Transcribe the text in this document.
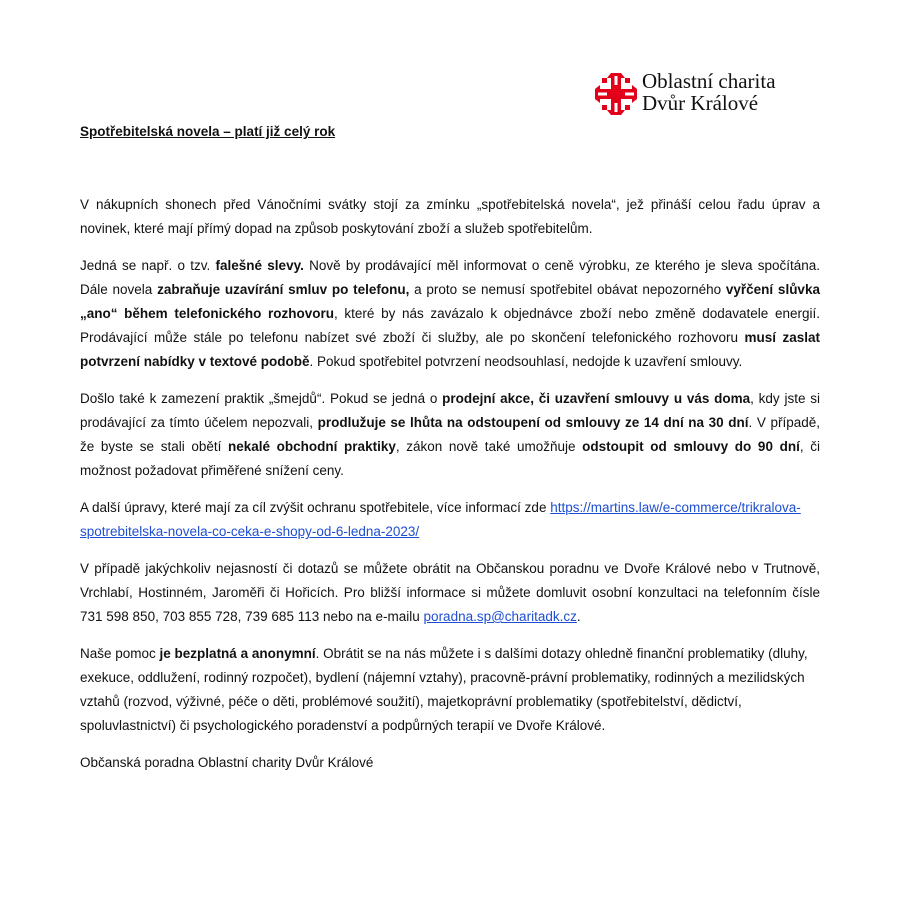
Oblastní charita
Dvůr Králové
Spotřebitelská novela – platí již celý rok

V nákupních shonech před Vánočními svátky stojí za zmínku „spotřebitelská novela“, jež přináší celou řadu úprav a novinek, které mají přímý dopad na způsob poskytování zboží a služeb spotřebitelům.

Jedná se např. o tzv. falešné slevy. Nově by prodávající měl informovat o ceně výrobku, ze kterého je sleva spočítána. Dále novela zabraňuje uzavírání smluv po telefonu, a proto se nemusí spotřebitel obávat nepozorného vyřčení slůvka „ano“ během telefonického rozhovoru, které by nás zavázalo k objednávce zboží nebo změně dodavatele energií. Prodávající může stále po telefonu nabízet své zboží či služby, ale po skončení telefonického rozhovoru musí zaslat potvrzení nabídky v textové podobě. Pokud spotřebitel potvrzení neodsouhlasí, nedojde k uzavření smlouvy.

Došlo také k zamezení praktik „šmejdů“. Pokud se jedná o prodejní akce, či uzavření smlouvy u vás doma, kdy jste si prodávající za tímto účelem nepozvali, prodlužuje se lhůta na odstoupení od smlouvy ze 14 dní na 30 dní. V případě, že byste se stali obětí nekalé obchodní praktiky, zákon nově také umožňuje odstoupit od smlouvy do 90 dní, či možnost požadovat přiměřené snížení ceny.

A další úpravy, které mají za cíl zvýšit ochranu spotřebitele, více informací zde https://martins.law/e-commerce/trikralova-spotrebitelska-novela-co-ceka-e-shopy-od-6-ledna-2023/

V případě jakýchkoliv nejasností či dotazů se můžete obrátit na Občanskou poradnu ve Dvoře Králové nebo v Trutnově, Vrchlabí, Hostinném, Jaroměři či Hořicích. Pro bližší informace si můžete domluvit osobní konzultaci na telefonním čísle 731 598 850, 703 855 728, 739 685 113 nebo na e-mailu poradna.sp@charitadk.cz.

Naše pomoc je bezplatná a anonymní. Obrátit se na nás můžete i s dalšími dotazy ohledně finanční problematiky (dluhy, exekuce, oddlužení, rodinný rozpočet), bydlení (nájemní vztahy), pracovně-právní problematiky, rodinných a mezilidských vztahů (rozvod, výživné, péče o děti, problémové soužití), majetkoprávní problematiky (spotřebitelství, dědictví, spoluvlastnictví) či psychologického poradenství a podpůrných terapií ve Dvoře Králové.

Občanská poradna Oblastní charity Dvůr Králové
